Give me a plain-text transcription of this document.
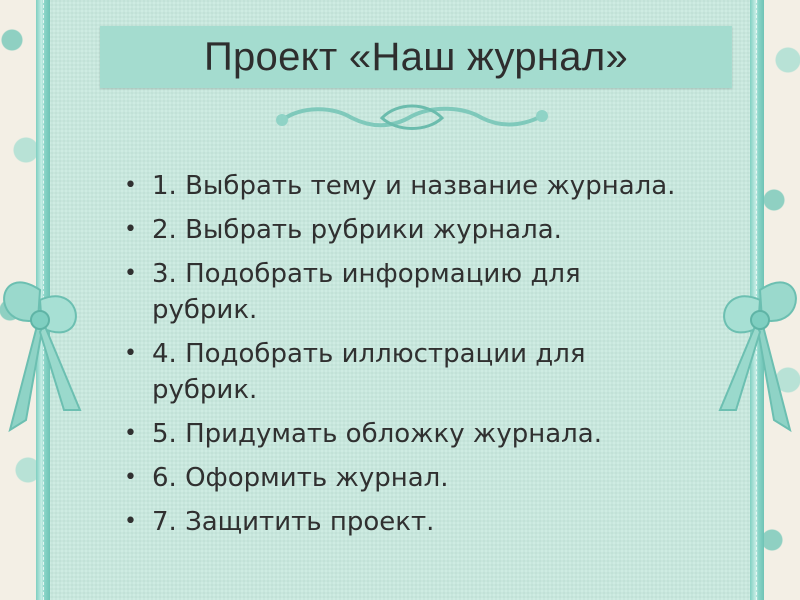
Проект «Наш журнал»
• 1. Выбрать тему и название журнала.
• 2. Выбрать рубрики журнала.
• 3. Подобрать информацию для рубрик.
• 4. Подобрать иллюстрации для рубрик.
• 5. Придумать обложку журнала.
• 6. Оформить журнал.
• 7. Защитить проект.
